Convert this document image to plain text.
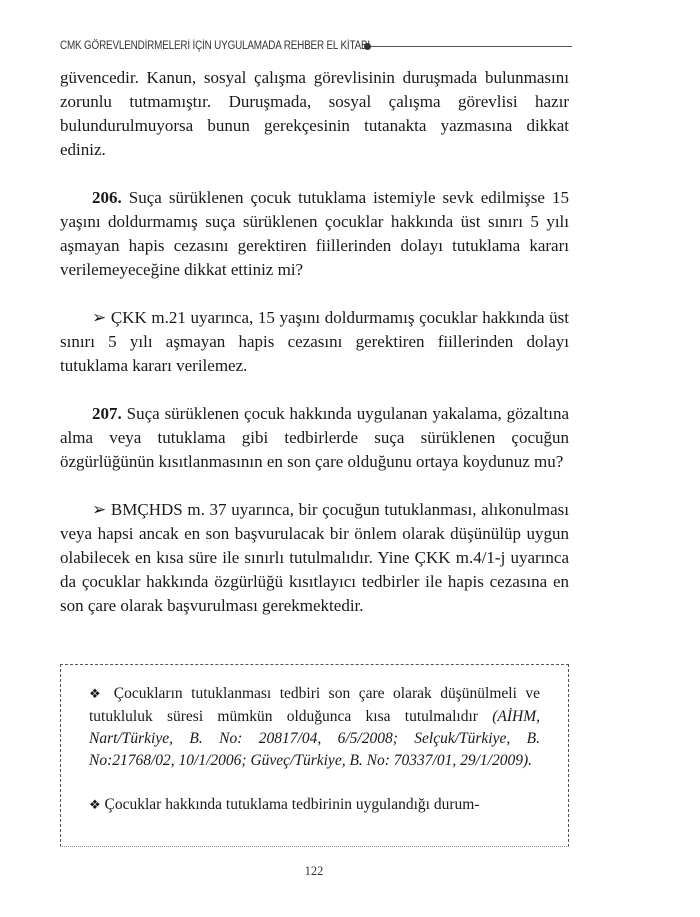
CMK GÖREVLENDİRMELERİ İÇİN UYGULAMADA REHBER EL KİTABI

güvencedir. Kanun, sosyal çalışma görevlisinin duruşmada bulunmasını zorunlu tutmamıştır. Duruşmada, sosyal çalışma görevlisi hazır bulundurulmuyorsa bunun gerekçesinin tutanakta yazmasına dikkat ediniz.

206. Suça sürüklenen çocuk tutuklama istemiyle sevk edilmişse 15 yaşını doldurmamış suça sürüklenen çocuklar hakkında üst sınırı 5 yılı aşmayan hapis cezasını gerektiren fiillerinden dolayı tutuklama kararı verilemeyeceğine dikkat ettiniz mi?

➢ ÇKK m.21 uyarınca, 15 yaşını doldurmamış çocuklar hakkında üst sınırı 5 yılı aşmayan hapis cezasını gerektiren fiillerinden dolayı tutuklama kararı verilemez.

207. Suça sürüklenen çocuk hakkında uygulanan yakalama, gözaltına alma veya tutuklama gibi tedbirlerde suça sürüklenen çocuğun özgürlüğünün kısıtlanmasının en son çare olduğunu ortaya koydunuz mu?

➢ BMÇHDS m. 37 uyarınca, bir çocuğun tutuklanması, alıkonulması veya hapsi ancak en son başvurulacak bir önlem olarak düşünülüp uygun olabilecek en kısa süre ile sınırlı tutulmalıdır. Yine ÇKK m.4/1-j uyarınca da çocuklar hakkında özgürlüğü kısıtlayıcı tedbirler ile hapis cezasına en son çare olarak başvurulması gerekmektedir.

❖ Çocukların tutuklanması tedbiri son çare olarak düşünülmeli ve tutukluluk süresi mümkün olduğunca kısa tutulmalıdır (AİHM, Nart/Türkiye, B. No: 20817/04, 6/5/2008; Selçuk/Türkiye, B. No:21768/02, 10/1/2006; Güveç/Türkiye, B. No: 70337/01, 29/1/2009).

❖ Çocuklar hakkında tutuklama tedbirinin uygulandığı durum-

122
